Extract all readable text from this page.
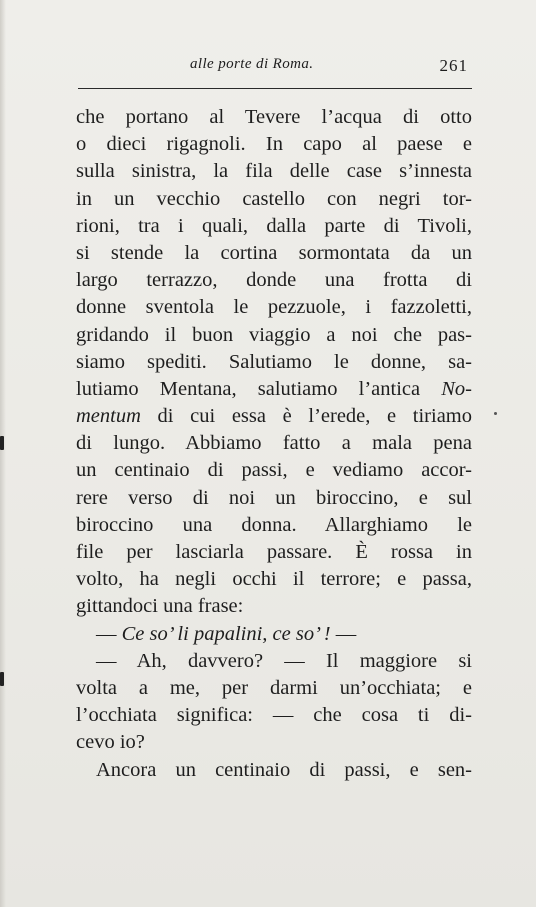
alle porte di Roma.	261
che portano al Tevere l’acqua di otto
o dieci rigagnoli. In capo al paese e
sulla sinistra, la fila delle case s’innesta
in un vecchio castello con negri tor-
rioni, tra i quali, dalla parte di Tivoli,
si stende la cortina sormontata da un
largo terrazzo, donde una frotta di
donne sventola le pezzuole, i fazzoletti,
gridando il buon viaggio a noi che pas-
siamo spediti. Salutiamo le donne, sa-
lutiamo Mentana, salutiamo l’antica No-
mentum di cui essa è l’erede, e tiriamo
di lungo. Abbiamo fatto a mala pena
un centinaio di passi, e vediamo accor-
rere verso di noi un biroccino, e sul
biroccino una donna. Allarghiamo le
file per lasciarla passare. È rossa in
volto, ha negli occhi il terrore; e passa,
gittandoci una frase:
— Ce so’ li papalini, ce so’ ! —
— Ah, davvero? — Il maggiore si
volta a me, per darmi un’occhiata; e
l’occhiata significa: — che cosa ti di-
cevo io?
Ancora un centinaio di passi, e sen-
